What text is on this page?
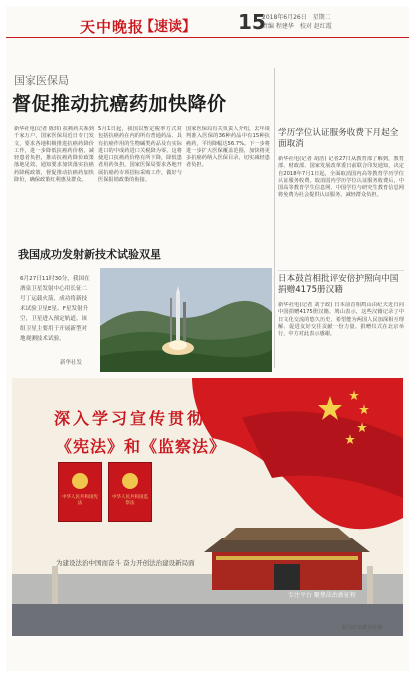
天中晚报
【速读】 15
2018年6月26日 星期二
责编 程建华 校对 赵红霞
国家医保局
督促推动抗癌药加快降价
新华社电(记者 陈炜) 抗癌药关系到千家万户，国家医保局近日专门发文，要求各地积极推进抗癌药降价工作，进一步降低抗癌药价格，减轻患者负担，推动抗癌药降价政策落地见效。通知要求加快落实抗癌药降税政策，督促推动抗癌药加快降价，确保政策红利惠及群众。
5月1日起，我国以暂定税率方式对包括抗癌药在内的所有普通药品、具有抗癌作用的生物碱类药品及有实际进口的中成药进口关税降为零。这将使进口抗癌药价格有所下降，降低患者用药负担。国家医保局要求各地开展抗癌药专项招标采购工作，做好与医保报销政策的衔接。
国家医保局有关负责人介绍，去年谈判准入医保的36种药品中有15种抗癌药，平均降幅达56.7%。下一步将进一步扩大医保覆盖范围，加快将更多抗癌药纳入医保目录，切实减轻患者负担。
我国成功发射新技术试验双星
6月27日11时30分，我国在酒泉卫星发射中心用长征二号丁运载火箭，成功将新技术试验卫星E星、F星发射升空，卫星进入预定轨道。该组卫星主要用于开展新型对地观测技术试验。
新华社发
学历学位认证服务收费下月起全面取消
新华社电(记者 胡浩) 记者27日从教育部了解到，教育部、财政部、国家发展改革委日前联合印发通知，决定自2018年7月1日起，全面取消国内高等教育学历学位认证服务收费。取消国内学历学位认证服务收费后，中国高等教育学生信息网、中国学位与研究生教育信息网将免费为社会提供认证服务，减轻群众负担。
日本鼓首相批评安倍护照向中国捐赠4175册汉籍
新华社电(记者 刘子政) 日本前首相鸠山由纪夫近日向中国捐赠4175册汉籍。鸠山表示，这些汉籍记录了中日文化交流的悠久历史，希望能为两国人民加深相互理解、促进友好交往贡献一份力量。捐赠仪式在北京举行，中方对此表示感谢。
深入学习宣传贯彻
《宪法》和《监察法》
中华人民共和国宪法
中华人民共和国监察法
为建设法治中国而奋斗 奋力开创法治建设新局面
专注平台 聚焦法治新征程
驻马店市委宣传部
